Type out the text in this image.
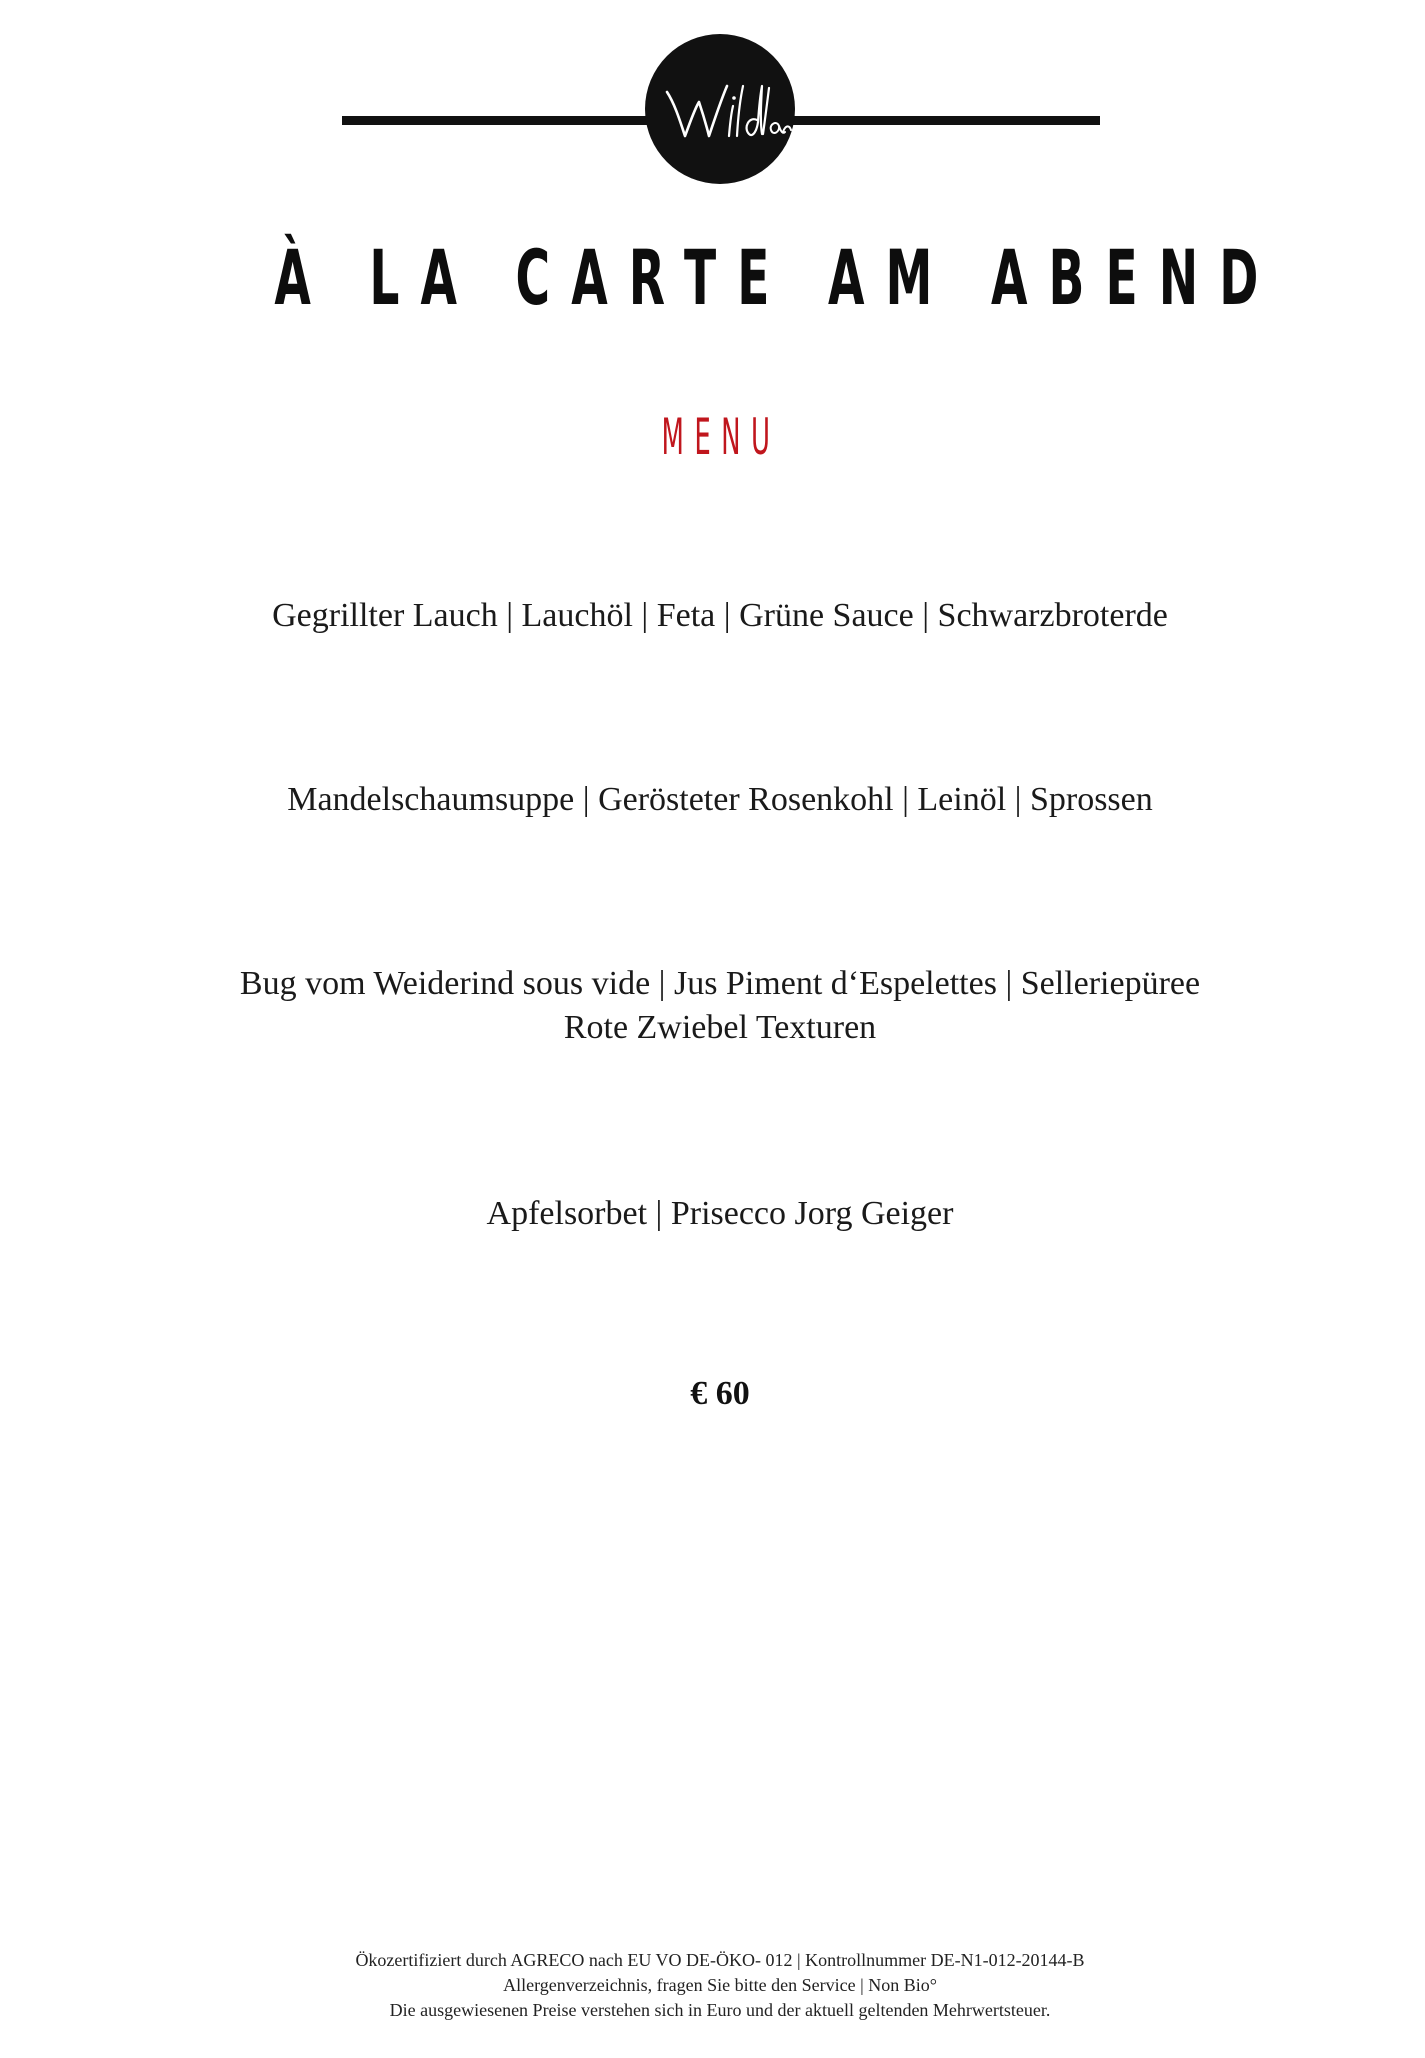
À LA CARTE AM ABEND
MENU
Gegrillter Lauch | Lauchöl | Feta | Grüne Sauce | Schwarzbroterde
Mandelschaumsuppe | Gerösteter Rosenkohl | Leinöl | Sprossen
Bug vom Weiderind sous vide | Jus Piment d‘Espelettes | Selleriepüree
Rote Zwiebel Texturen
Apfelsorbet | Prisecco Jorg Geiger
€ 60
Ökozertifiziert durch AGRECO nach EU VO DE-ÖKO- 012 | Kontrollnummer DE-N1-012-20144-B
Allergenverzeichnis, fragen Sie bitte den Service | Non Bio°
Die ausgewiesenen Preise verstehen sich in Euro und der aktuell geltenden Mehrwertsteuer.
